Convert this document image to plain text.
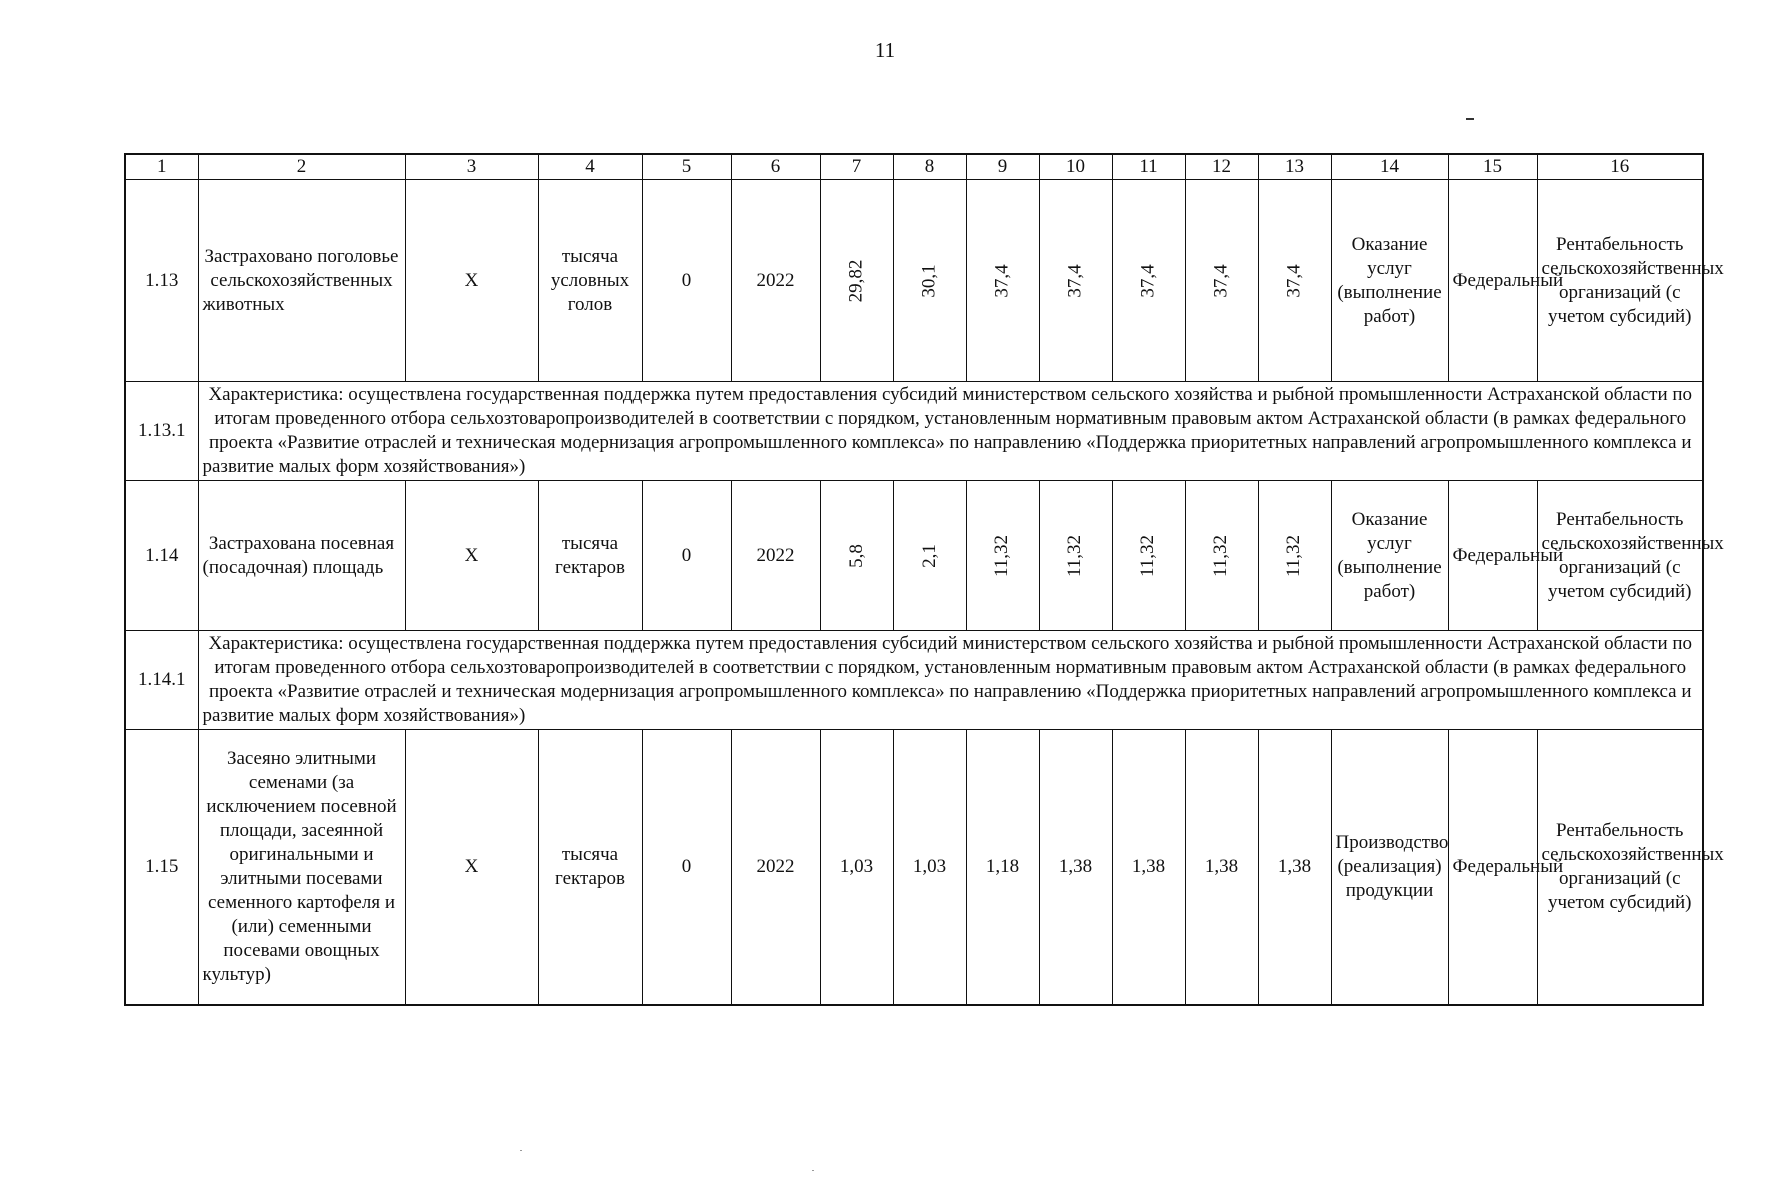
11
1	2	3	4	5	6	7	8	9	10	11	12	13	14	15	16
1.13	Застраховано поголовье сельскохозяйственных животных	X	тысяча условных голов	0	2022	29,82	30,1	37,4	37,4	37,4	37,4	37,4	Оказание услуг (выполнение работ)	Федеральный	Рентабельность сельскохозяйственных организаций (с учетом субсидий)
1.13.1	Характеристика: осуществлена государственная поддержка путем предоставления субсидий министерством сельского хозяйства и рыбной промышленности Астраханской области по итогам проведенного отбора сельхозтоваропроизводителей в соответствии с порядком, установленным нормативным правовым актом Астраханской области (в рамках федерального проекта «Развитие отраслей и техническая модернизация агропромышленного комплекса» по направлению «Поддержка приоритетных направлений агропромышленного комплекса и развитие малых форм хозяйствования»)														
1.14	Застрахована посевная (посадочная) площадь	X	тысяча гектаров	0	2022	5,8	2,1	11,32	11,32	11,32	11,32	11,32	Оказание услуг (выполнение работ)	Федеральный	Рентабельность сельскохозяйственных организаций (с учетом субсидий)
1.14.1	Характеристика: осуществлена государственная поддержка путем предоставления субсидий министерством сельского хозяйства и рыбной промышленности Астраханской области по итогам проведенного отбора сельхозтоваропроизводителей в соответствии с порядком, установленным нормативным правовым актом Астраханской области (в рамках федерального проекта «Развитие отраслей и техническая модернизация агропромышленного комплекса» по направлению «Поддержка приоритетных направлений агропромышленного комплекса и развитие малых форм хозяйствования»)														
1.15	Засеяно элитными семенами (за исключением посевной площади, засеянной оригинальными и элитными посевами семенного картофеля и (или) семенными посевами овощных культур)	X	тысяча гектаров	0	2022	1,03	1,03	1,18	1,38	1,38	1,38	1,38	Производство (реализация) продукции	Федеральный	Рентабельность сельскохозяйственных организаций (с учетом субсидий)
